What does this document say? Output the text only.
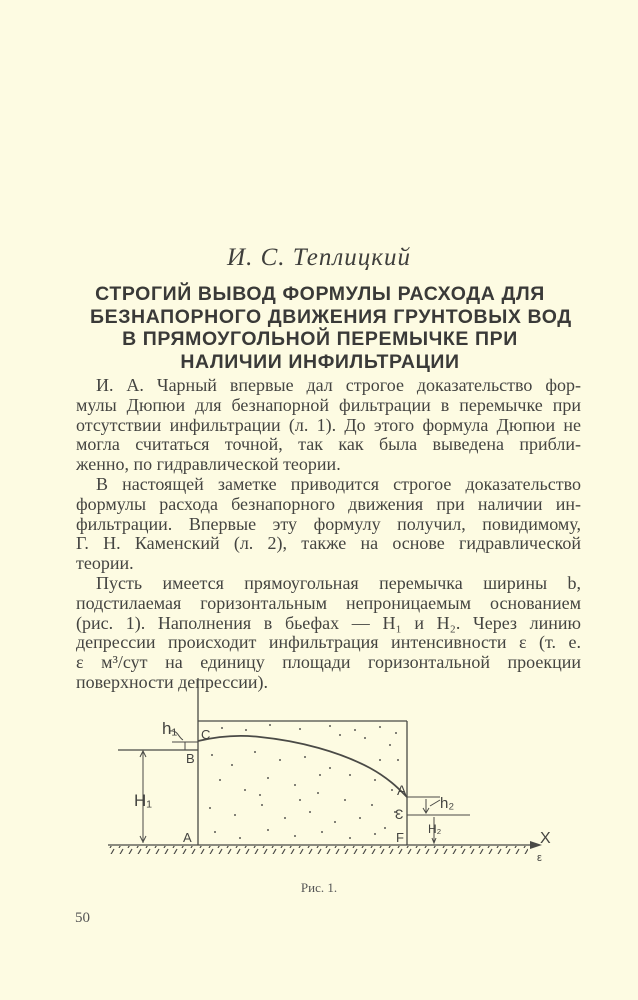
И. С. Теплицкий
СТРОГИЙ ВЫВОД ФОРМУЛЫ РАСХОДА ДЛЯ
БЕЗНАПОРНОГО ДВИЖЕНИЯ ГРУНТОВЫХ ВОД
В ПРЯМОУГОЛЬНОЙ ПЕРЕМЫЧКЕ ПРИ
НАЛИЧИИ ИНФИЛЬТРАЦИИ
И. А. Чарный впервые дал строгое доказательство фор-
мулы Дюпюи для безнапорной фильтрации в перемычке при
отсутствии инфильтрации (л. 1). До этого формула Дюпюи не
могла считаться точной, так как была выведена прибли-
женно, по гидравлической теории.
В настоящей заметке приводится строгое доказательство
формулы расхода безнапорного движения при наличии ин-
фильтрации. Впервые эту формулу получил, повидимому,
Г. Н. Каменский (л. 2), также на основе гидравлической
теории.
Пусть имеется прямоугольная перемычка ширины b,
подстилаемая горизонтальным непроницаемым основанием
(рис. 1). Наполнения в бьефах — H₁ и H₂. Через линию
депрессии происходит инфильтрация интенсивности ε (т. е.
ε м³/сут на единицу площади горизонтальной проекции
поверхности депрессии).
h₁
B
C
H₁
A
A
h₂
Ɛ
H₂
F	X
ε
Рис. 1.
50
